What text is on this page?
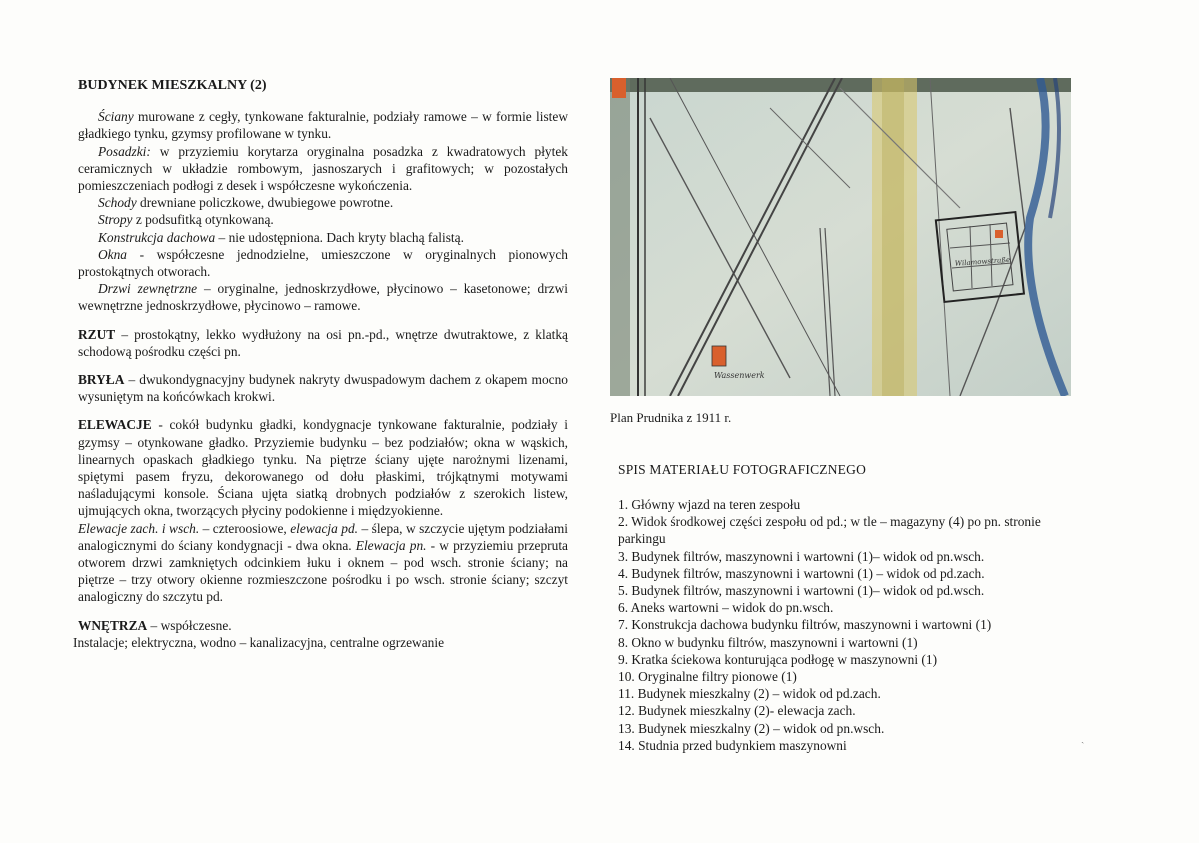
BUDYNEK MIESZKALNY (2)

Ściany murowane z cegły, tynkowane fakturalnie, podziały ramowe – w formie listew gładkiego tynku, gzymsy profilowane w tynku.

Posadzki: w przyziemiu korytarza oryginalna posadzka z kwadratowych płytek ceramicznych w układzie rombowym, jasnoszarych i grafitowych; w pozostałych pomieszczeniach podłogi z desek i współczesne wykończenia.

Schody drewniane policzkowe, dwubiegowe powrotne.

Stropy z podsufitką otynkowaną.

Konstrukcja dachowa – nie udostępniona. Dach kryty blachą falistą.

Okna - współczesne jednodzielne, umieszczone w oryginalnych pionowych prostokątnych otworach.

Drzwi zewnętrzne – oryginalne, jednoskrzydłowe, płycinowo – kasetonowe; drzwi wewnętrzne jednoskrzydłowe, płycinowo – ramowe.

RZUT – prostokątny, lekko wydłużony na osi pn.-pd., wnętrze dwutraktowe, z klatką schodową pośrodku części pn.

BRYŁA – dwukondygnacyjny budynek nakryty dwuspadowym dachem z okapem mocno wysuniętym na końcówkach krokwi.

ELEWACJE - cokół budynku gładki, kondygnacje tynkowane fakturalnie, podziały i gzymsy – otynkowane gładko. Przyziemie budynku – bez podziałów; okna w wąskich, linearnych opaskach gładkiego tynku. Na piętrze ściany ujęte narożnymi lizenami, spiętymi pasem fryzu, dekorowanego od dołu płaskimi, trójkątnymi motywami naśladującymi konsole. Ściana ujęta siatką drobnych podziałów z szerokich listew, ujmujących okna, tworzących płyciny podokienne i międzyokienne.

Elewacje zach. i wsch. – czteroosiowe, elewacja pd. – ślepa, w szczycie ujętym podziałami analogicznymi do ściany kondygnacji - dwa okna. Elewacja pn. - w przyziemiu przepruta otworem drzwi zamkniętych odcinkiem łuku i oknem – pod wsch. stronie ściany; na piętrze – trzy otwory okienne rozmieszczone pośrodku i po wsch. stronie ściany; szczyt analogiczny do szczytu pd.

WNĘTRZA – współczesne.

Instalacje; elektryczna, wodno – kanalizacyjna, centralne ogrzewanie

Wassenwerk
Wilamowstraße
Plan Prudnika z 1911 r.
SPIS MATERIAŁU FOTOGRAFICZNEGO
1. Główny wjazd na teren zespołu
2. Widok środkowej części zespołu od pd.; w tle – magazyny (4) po pn. stronie parkingu
3. Budynek filtrów, maszynowni i wartowni (1)– widok od pn.wsch.
4. Budynek filtrów, maszynowni i wartowni (1) – widok od pd.zach.
5. Budynek filtrów, maszynowni i wartowni (1)– widok od pd.wsch.
6. Aneks wartowni – widok do pn.wsch.
7. Konstrukcja dachowa budynku filtrów, maszynowni i wartowni (1)
8. Okno w budynku filtrów, maszynowni i wartowni (1)
9. Kratka ściekowa konturująca podłogę w maszynowni (1)
10. Oryginalne filtry pionowe (1)
11. Budynek mieszkalny (2) – widok od pd.zach.
12. Budynek mieszkalny (2)- elewacja zach.
13. Budynek mieszkalny (2) – widok od pn.wsch.
14. Studnia przed budynkiem maszynowni	ˏ
